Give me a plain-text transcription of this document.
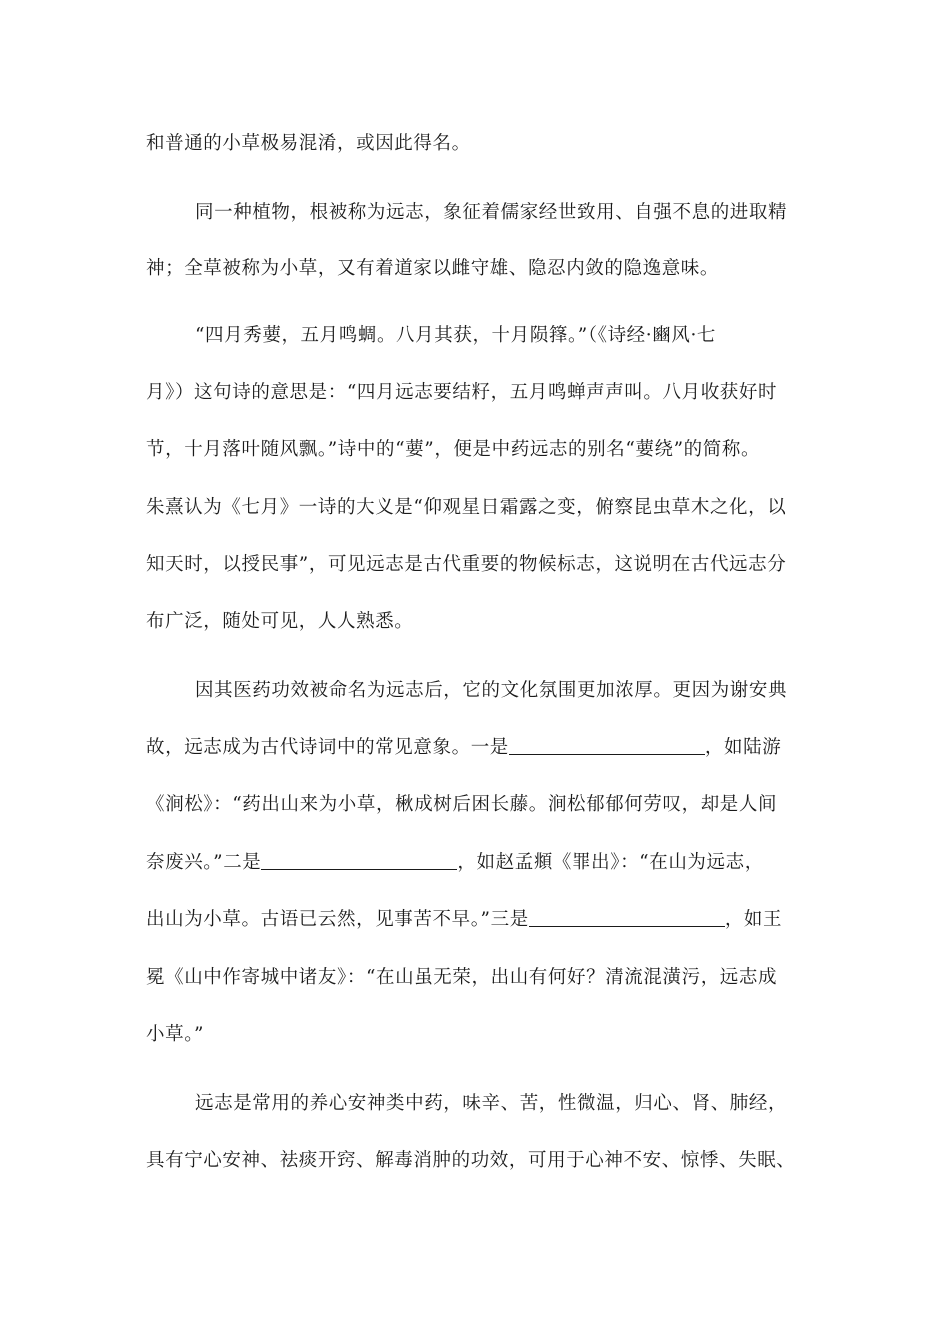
和普通的小草极易混淆，或因此得名。
同一种植物，根被称为远志，象征着儒家经世致用、自强不息的进取精
神；全草被称为小草，又有着道家以雌守雄、隐忍内敛的隐逸意味。
“四月秀葽，五月鸣蜩。八月其获，十月陨箨。”（《诗经·豳风·七
月》）这句诗的意思是：“四月远志要结籽，五月鸣蝉声声叫。八月收获好时
节，十月落叶随风飘。”诗中的“葽”，便是中药远志的别名“葽绕”的简称。
朱熹认为《七月》一诗的大义是“仰观星日霜露之变，俯察昆虫草木之化，以
知天时，以授民事”，可见远志是古代重要的物候标志，这说明在古代远志分
布广泛，随处可见，人人熟悉。
因其医药功效被命名为远志后，它的文化氛围更加浓厚。更因为谢安典
故，远志成为古代诗词中的常见意象。一是	，如陆游
《涧松》：“药出山来为小草，楸成树后困长藤。涧松郁郁何劳叹，却是人间
奈废兴。”二是	，如赵孟頫《罪出》：“在山为远志，
出山为小草。古语已云然，见事苦不早。”三是	，如王
冕《山中作寄城中诸友》：“在山虽无荣，出山有何好？清流混潢污，远志成
小草。”
远志是常用的养心安神类中药，味辛、苦，性微温，归心、肾、肺经，
具有宁心安神、祛痰开窍、解毒消肿的功效，可用于心神不安、惊悸、失眠、
